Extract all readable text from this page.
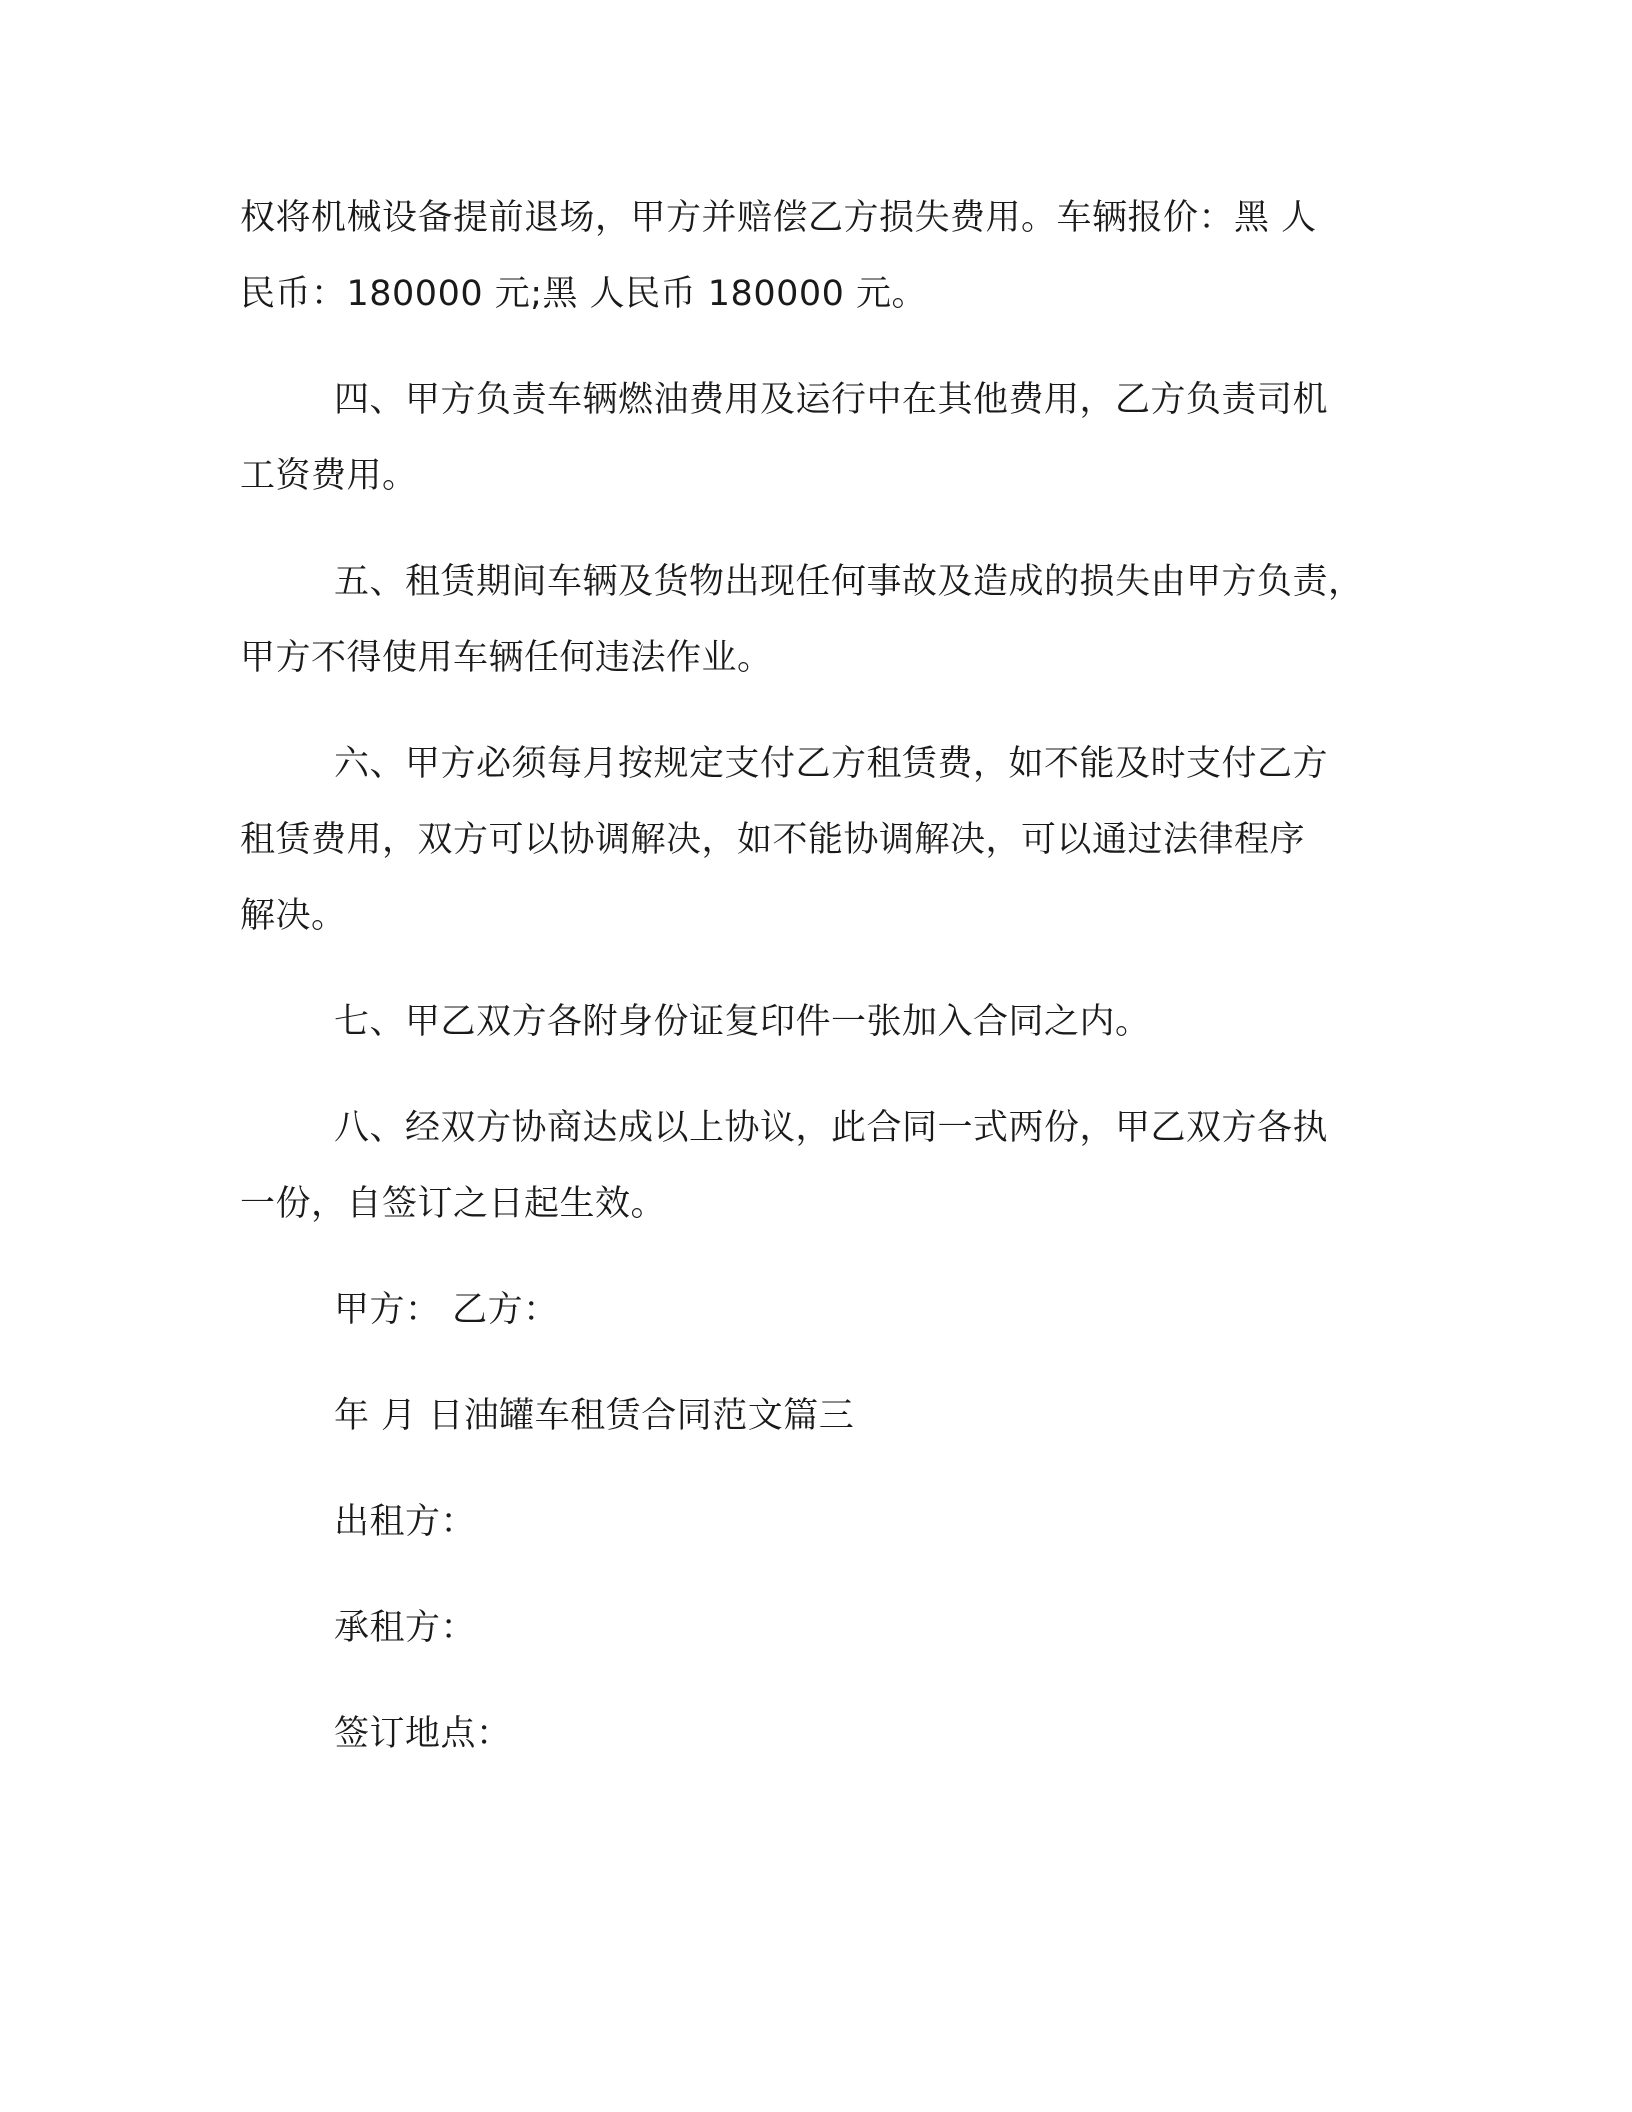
权将机械设备提前退场，甲方并赔偿乙方损失费用。车辆报价：黑 人

民币：180000 元;黑 人民币 180000 元。

四、甲方负责车辆燃油费用及运行中在其他费用，乙方负责司机

工资费用。

五、租赁期间车辆及货物出现任何事故及造成的损失由甲方负责，

甲方不得使用车辆任何违法作业。

六、甲方必须每月按规定支付乙方租赁费，如不能及时支付乙方

租赁费用，双方可以协调解决，如不能协调解决，可以通过法律程序

解决。

七、甲乙双方各附身份证复印件一张加入合同之内。

八、经双方协商达成以上协议，此合同一式两份，甲乙双方各执

一份，自签订之日起生效。

甲方： 乙方：

年 月 日油罐车租赁合同范文篇三

出租方：

承租方：

签订地点：
